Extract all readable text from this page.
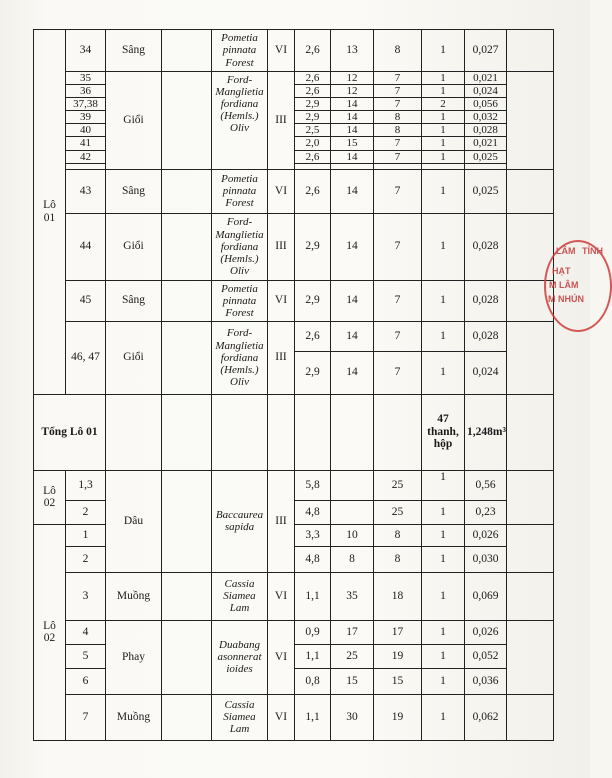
Lô 01	34	Sâng		Pometia pinnata Forest	VI	2,6	13	8	1	0,027	
	35	Giổi		Ford-Manglietia fordiana (Hemls.) Oliv	III	2,6	12	7	1	0,021	
	36					2,6	12	7	1	0,024	
	37,38					2,9	14	7	2	0,056	
	39					2,9	14	8	1	0,032	
	40					2,5	14	8	1	0,028	
	41					2,0	15	7	1	0,021	
	42					2,6	14	7	1	0,025	

	43	Sâng		Pometia pinnata Forest	VI	2,6	14	7	1	0,025	
	44	Giổi		Ford-Manglietia fordiana (Hemls.) Oliv	III	2,9	14	7	1	0,028	
	45	Sâng		Pometia pinnata Forest	VI	2,9	14	7	1	0,028	
	46, 47	Giổi		Ford-Manglietia fordiana (Hemls.) Oliv	III	2,6	14	7	1	0,028	
						2,9	14	7	1	0,024	
Tổng Lô 01									47 thanh, hộp	1,248m³	
Lô 02	1,3	Dâu		Baccaurea sapida	III	5,8		25	1	0,56	
	2					4,8		25	1	0,23	
Lô 02	1					3,3	10	8	1	0,026	
	2					4,8	8	8	1	0,030	
	3	Muồng		Cassia Siamea Lam	VI	1,1	35	18	1	0,069	
	4	Phay		Duabang asonnerat ioides	VI	0,9	17	17	1	0,026	
	5					1,1	25	19	1	0,052	
	6					0,8	15	15	1	0,036	
	7	Muồng		Cassia Siamea Lam	VI	1,1	30	19	1	0,062	
LÂM TỈNH
HẠT
M LÂM
M NHÚN
